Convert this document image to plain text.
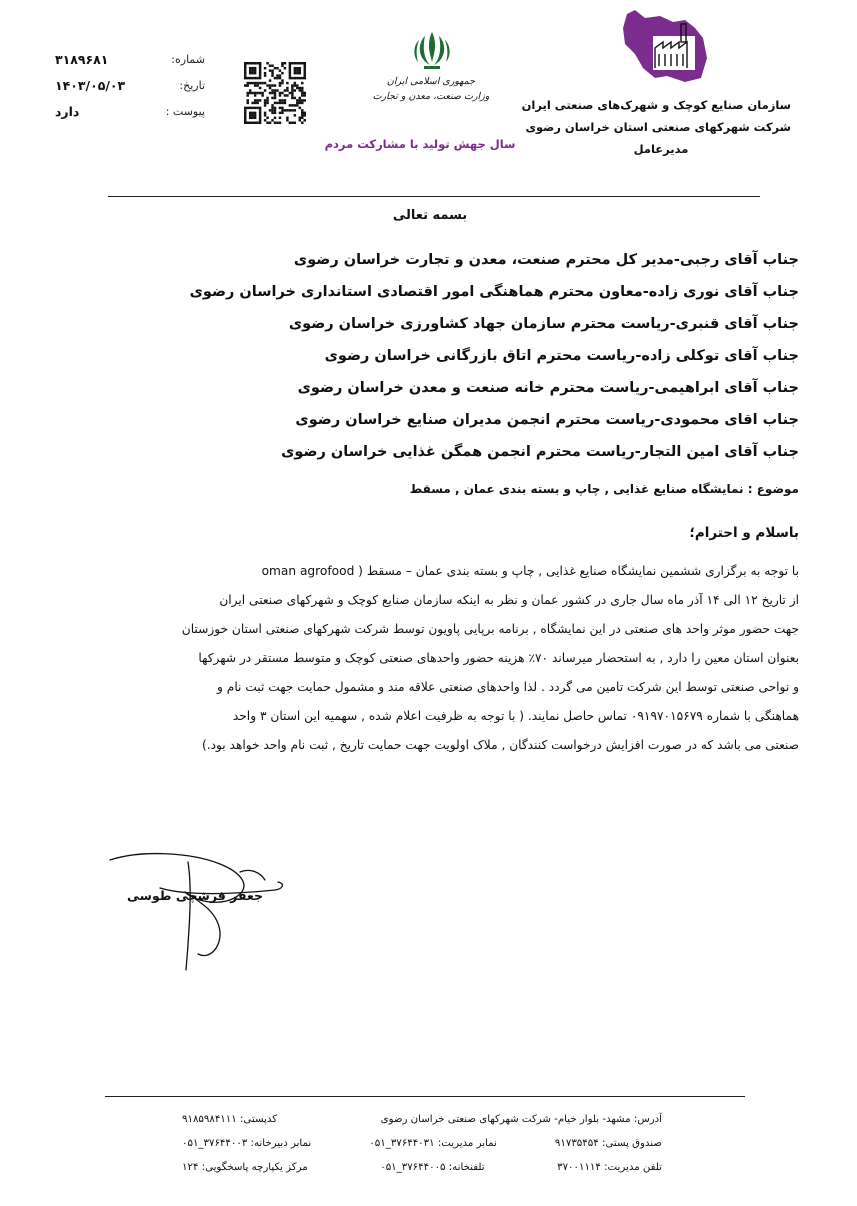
سازمان صنایع کوچک و شهرک‌های صنعتی ایران
شرکت شهرکهای صنعتی استان خراسان رضوی
مدیرعامل
جمهوری اسلامی ایران
وزارت صنعت، معدن و تجارت
سال جهش تولید با مشارکت مردم
شماره:
۳۱۸۹۶۸۱
تاریخ:
۱۴۰۳/۰۵/۰۳
پیوست :
دارد
بسمه تعالی
جناب آقای رجبی-مدیر کل محترم صنعت، معدن و تجارت خراسان رضوی
جناب آقای نوری زاده-معاون محترم هماهنگی امور اقتصادی استانداری خراسان رضوی
جناب آقای قنبری-ریاست محترم سازمان جهاد کشاورزی خراسان رضوی
جناب آقای توکلی زاده-ریاست محترم اتاق بازرگانی خراسان رضوی
جناب آقای ابراهیمی-ریاست محترم خانه صنعت و معدن خراسان رضوی
جناب اقای محمودی-ریاست محترم انجمن مدیران صنایع خراسان رضوی
جناب آقای امین التجار-ریاست محترم انجمن همگن غذایی خراسان رضوی
موضوع : نمایشگاه صنایع غذایی , چاپ و بسته بندی عمان , مسقط
باسلام و احترام؛
با توجه به برگزاری ششمین نمایشگاه صنایع غذایی , چاپ و بسته بندی عمان – مسقط ( oman agrofood
از تاریخ ۱۲ الی ۱۴ آذر ماه سال جاری در کشور عمان و نظر به اینکه سازمان صنایع کوچک و شهرکهای صنعتی ایران
جهت حضور موثر واحد های صنعتی در این نمایشگاه , برنامه برپایی پاویون توسط شرکت شهرکهای صنعتی استان خوزستان
بعنوان استان معین را دارد , به استحضار میرساند ۷۰٪ هزینه حضور واحدهای صنعتی کوچک و متوسط مستقر در شهرکها
و نواحی صنعتی توسط این شرکت تامین می گردد . لذا واحدهای صنعتی علاقه مند و مشمول حمایت جهت ثبت نام و
هماهنگی با شماره ۰۹۱۹۷۰۱۵۶۷۹ تماس حاصل نمایند. ( با توجه به ظرفیت اعلام شده , سهمیه این استان ۳ واحد
صنعتی می باشد که در صورت افزایش درخواست کنندگان , ملاک اولویت جهت حمایت تاریخ , ثبت نام واحد خواهد بود.)
جعفر فرشچی طوسی
آدرس: مشهد- بلوار خیام- شرکت شهرکهای صنعتی خراسان رضوی
کدپستی: ۹۱۸۵۹۸۴۱۱۱
صندوق پستی: ۹۱۷۳۵۴۵۴
نمابر مدیریت: ۳۷۶۴۴۰۳۱_۰۵۱
نمابر دبیرخانه: ۳۷۶۴۴۰۰۳_۰۵۱
تلفن مدیریت: ۳۷۰۰۱۱۱۴
تلفنخانه: ۳۷۶۴۴۰۰۵_۰۵۱
مرکز یکپارچه پاسخگویی: ۱۲۴
